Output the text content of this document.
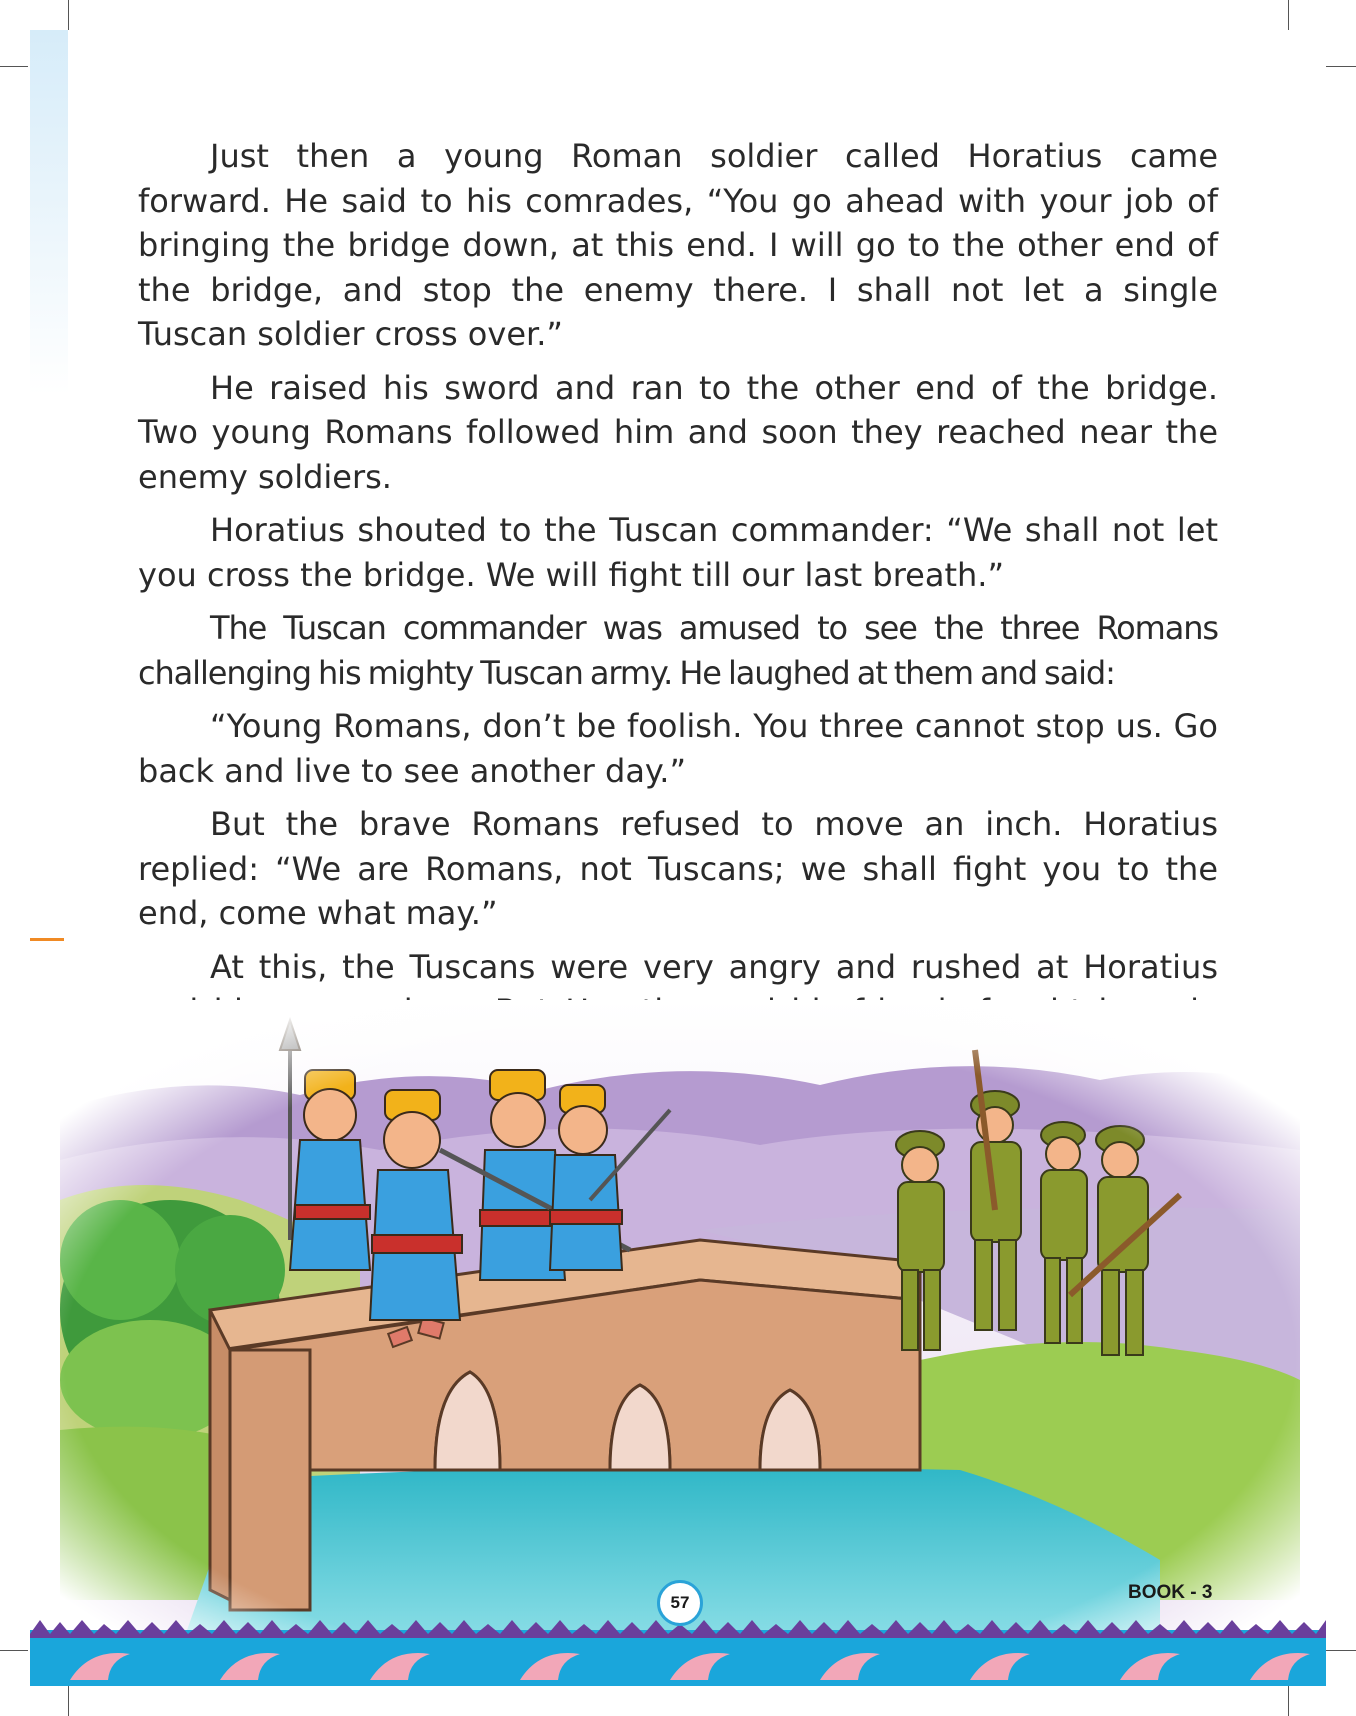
Just then a young Roman soldier called Horatius came forward. He said to his comrades, “You go ahead with your job of bringing the bridge down, at this end. I will go to the other end of the bridge, and stop the enemy there. I shall not let a single Tuscan soldier cross over.”

He raised his sword and ran to the other end of the bridge. Two young Romans followed him and soon they reached near the enemy soldiers.

Horatius shouted to the Tuscan commander: “We shall not let you cross the bridge. We will fight till our last breath.”

The Tuscan commander was amused to see the three Romans challenging his mighty Tuscan army. He laughed at them and said:

“Young Romans, don’t be foolish. You three cannot stop us. Go back and live to see another day.”

But the brave Romans refused to move an inch. Horatius replied: “We are Romans, not Tuscans; we shall fight you to the end, come what may.”

At this, the Tuscans were very angry and rushed at Horatius

57	BOOK - 3
